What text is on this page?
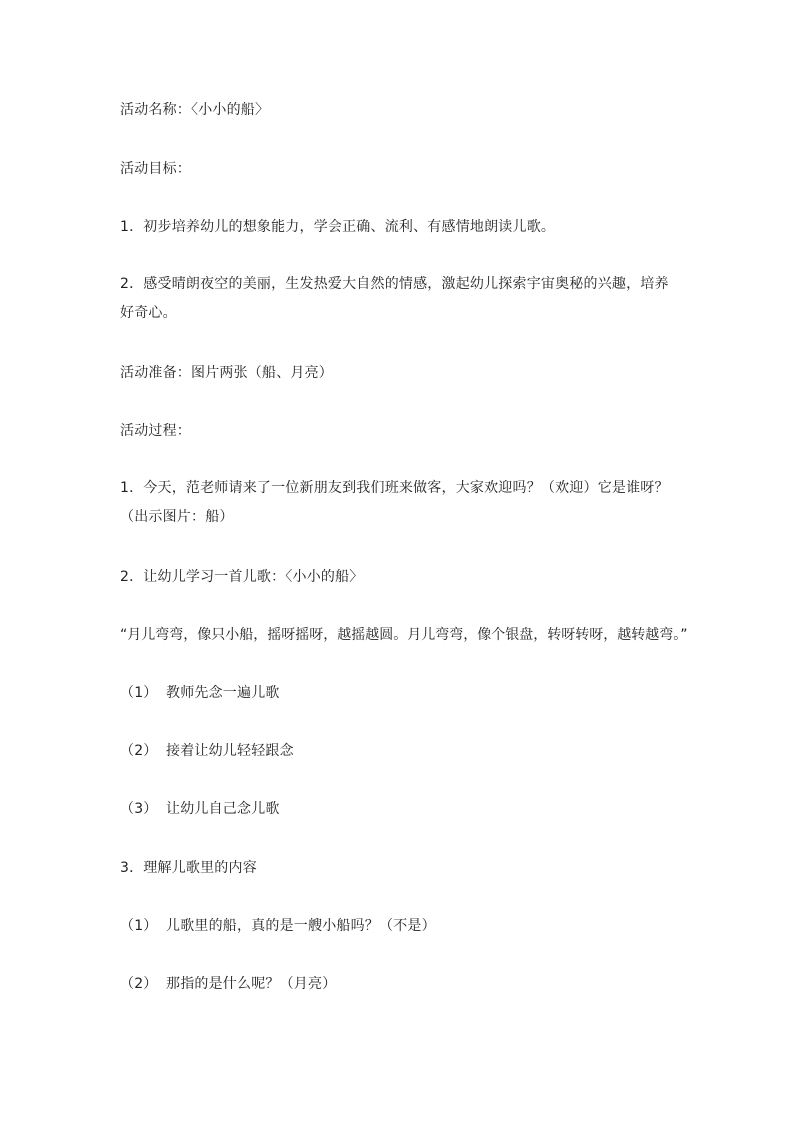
活动名称：〈小小的船〉
活动目标：
1．初步培养幼儿的想象能力，学会正确、流利、有感情地朗读儿歌。
2．感受晴朗夜空的美丽，生发热爱大自然的情感，激起幼儿探索宇宙奥秘的兴趣，培养好奇心。
活动准备：图片两张（船、月亮）
活动过程：
1．今天，范老师请来了一位新朋友到我们班来做客，大家欢迎吗？（欢迎）它是谁呀？（出示图片：船）
2．让幼儿学习一首儿歌：〈小小的船〉
“月儿弯弯，像只小船，摇呀摇呀，越摇越圆。月儿弯弯，像个银盘，转呀转呀，越转越弯。”
（1） 教师先念一遍儿歌
（2） 接着让幼儿轻轻跟念
（3） 让幼儿自己念儿歌
3．理解儿歌里的内容
（1） 儿歌里的船，真的是一艘小船吗？（不是）
（2） 那指的是什么呢？（月亮）
